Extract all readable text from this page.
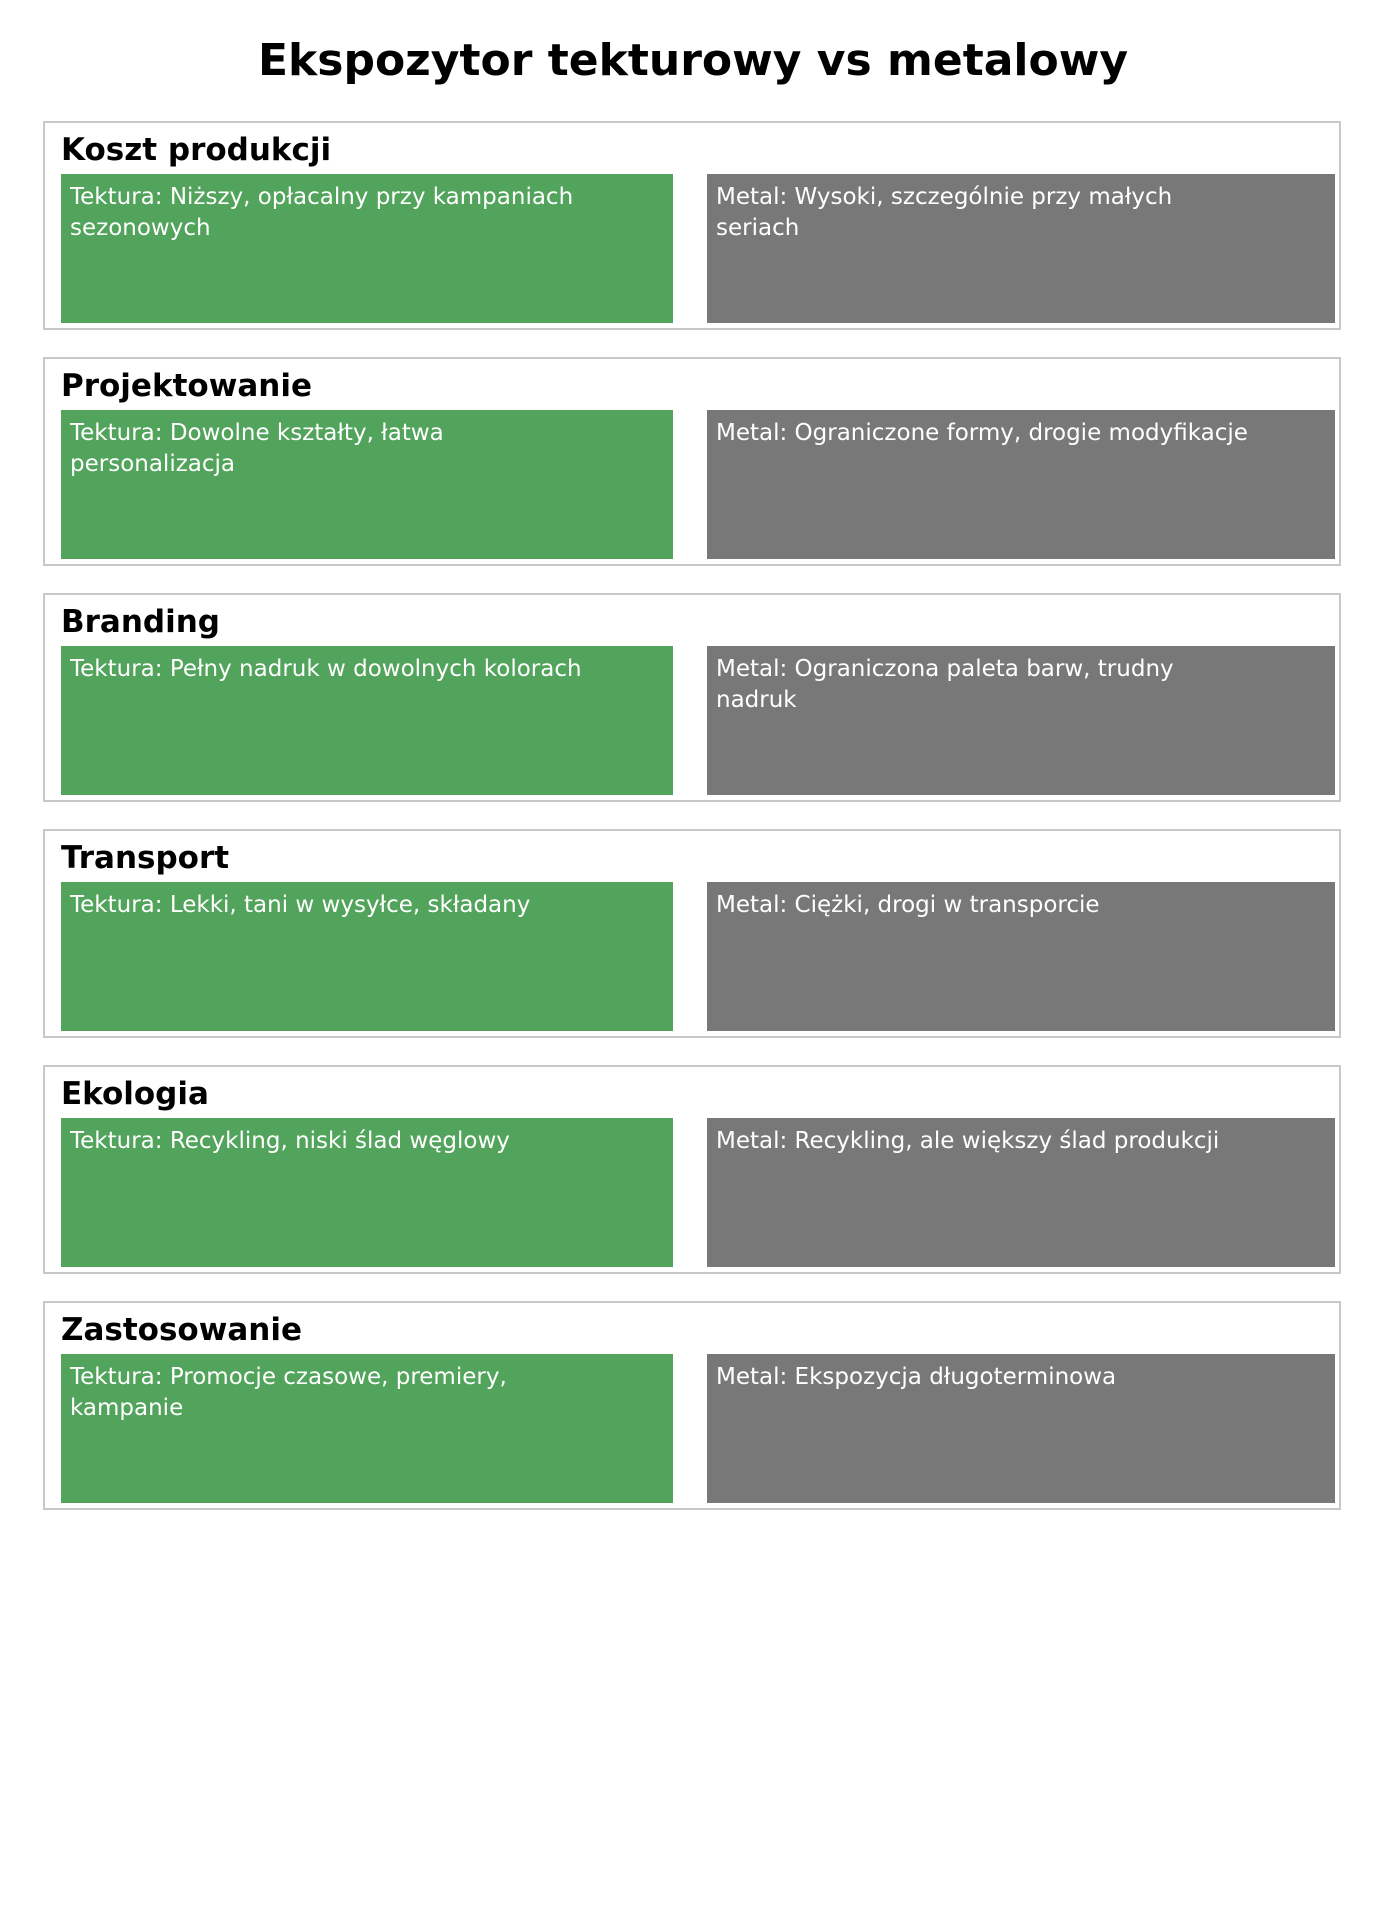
Ekspozytor tekturowy vs metalowy
Koszt produkcji
Tektura: Niższy, opłacalny przy kampaniach sezonowych
Metal: Wysoki, szczególnie przy małych seriach
Projektowanie
Tektura: Dowolne kształty, łatwa personalizacja
Metal: Ograniczone formy, drogie modyfikacje
Branding
Tektura: Pełny nadruk w dowolnych kolorach	Metal: Ograniczona paleta barw, trudny nadruk
Transport
Tektura: Lekki, tani w wysyłce, składany	Metal: Ciężki, drogi w transporcie
Ekologia
Tektura: Recykling, niski ślad węglowy	Metal: Recykling, ale większy ślad produkcji
Zastosowanie
Tektura: Promocje czasowe, premiery, kampanie
Metal: Ekspozycja długoterminowa
